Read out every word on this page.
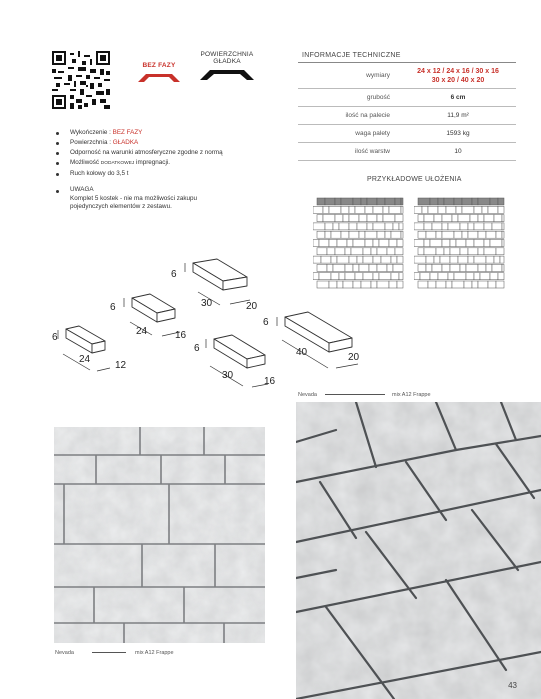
BEZ FAZY
POWIERZCHNIA
GŁADKA
INFORMACJE TECHNICZNE
wymiary	24 x 12 / 24 x 16 / 30 x 16
30 x 20 / 40 x 20
grubość	6 cm
ilość na palecie	11,9 m²
waga palety	1593 kg
ilość warstw	10
Wykończenie : BEZ FAZY
Powierzchnia : GŁADKA
Odporność na warunki atmosferyczne zgodne z normą
Możliwość DODATKOWEJ impregnacji.
Ruch kołowy do 3,5 t
UWAGA
Komplet 5 kostek - nie ma możliwości zakupu pojedynczych elementów z zestawu.
PRZYKŁADOWE UŁOŻENIA
6
30	20
6
24	16
6
24
12
6
30
16
6
40	20
Nevada	mix A12 Frappe
Nevada	mix A12 Frappe
43
